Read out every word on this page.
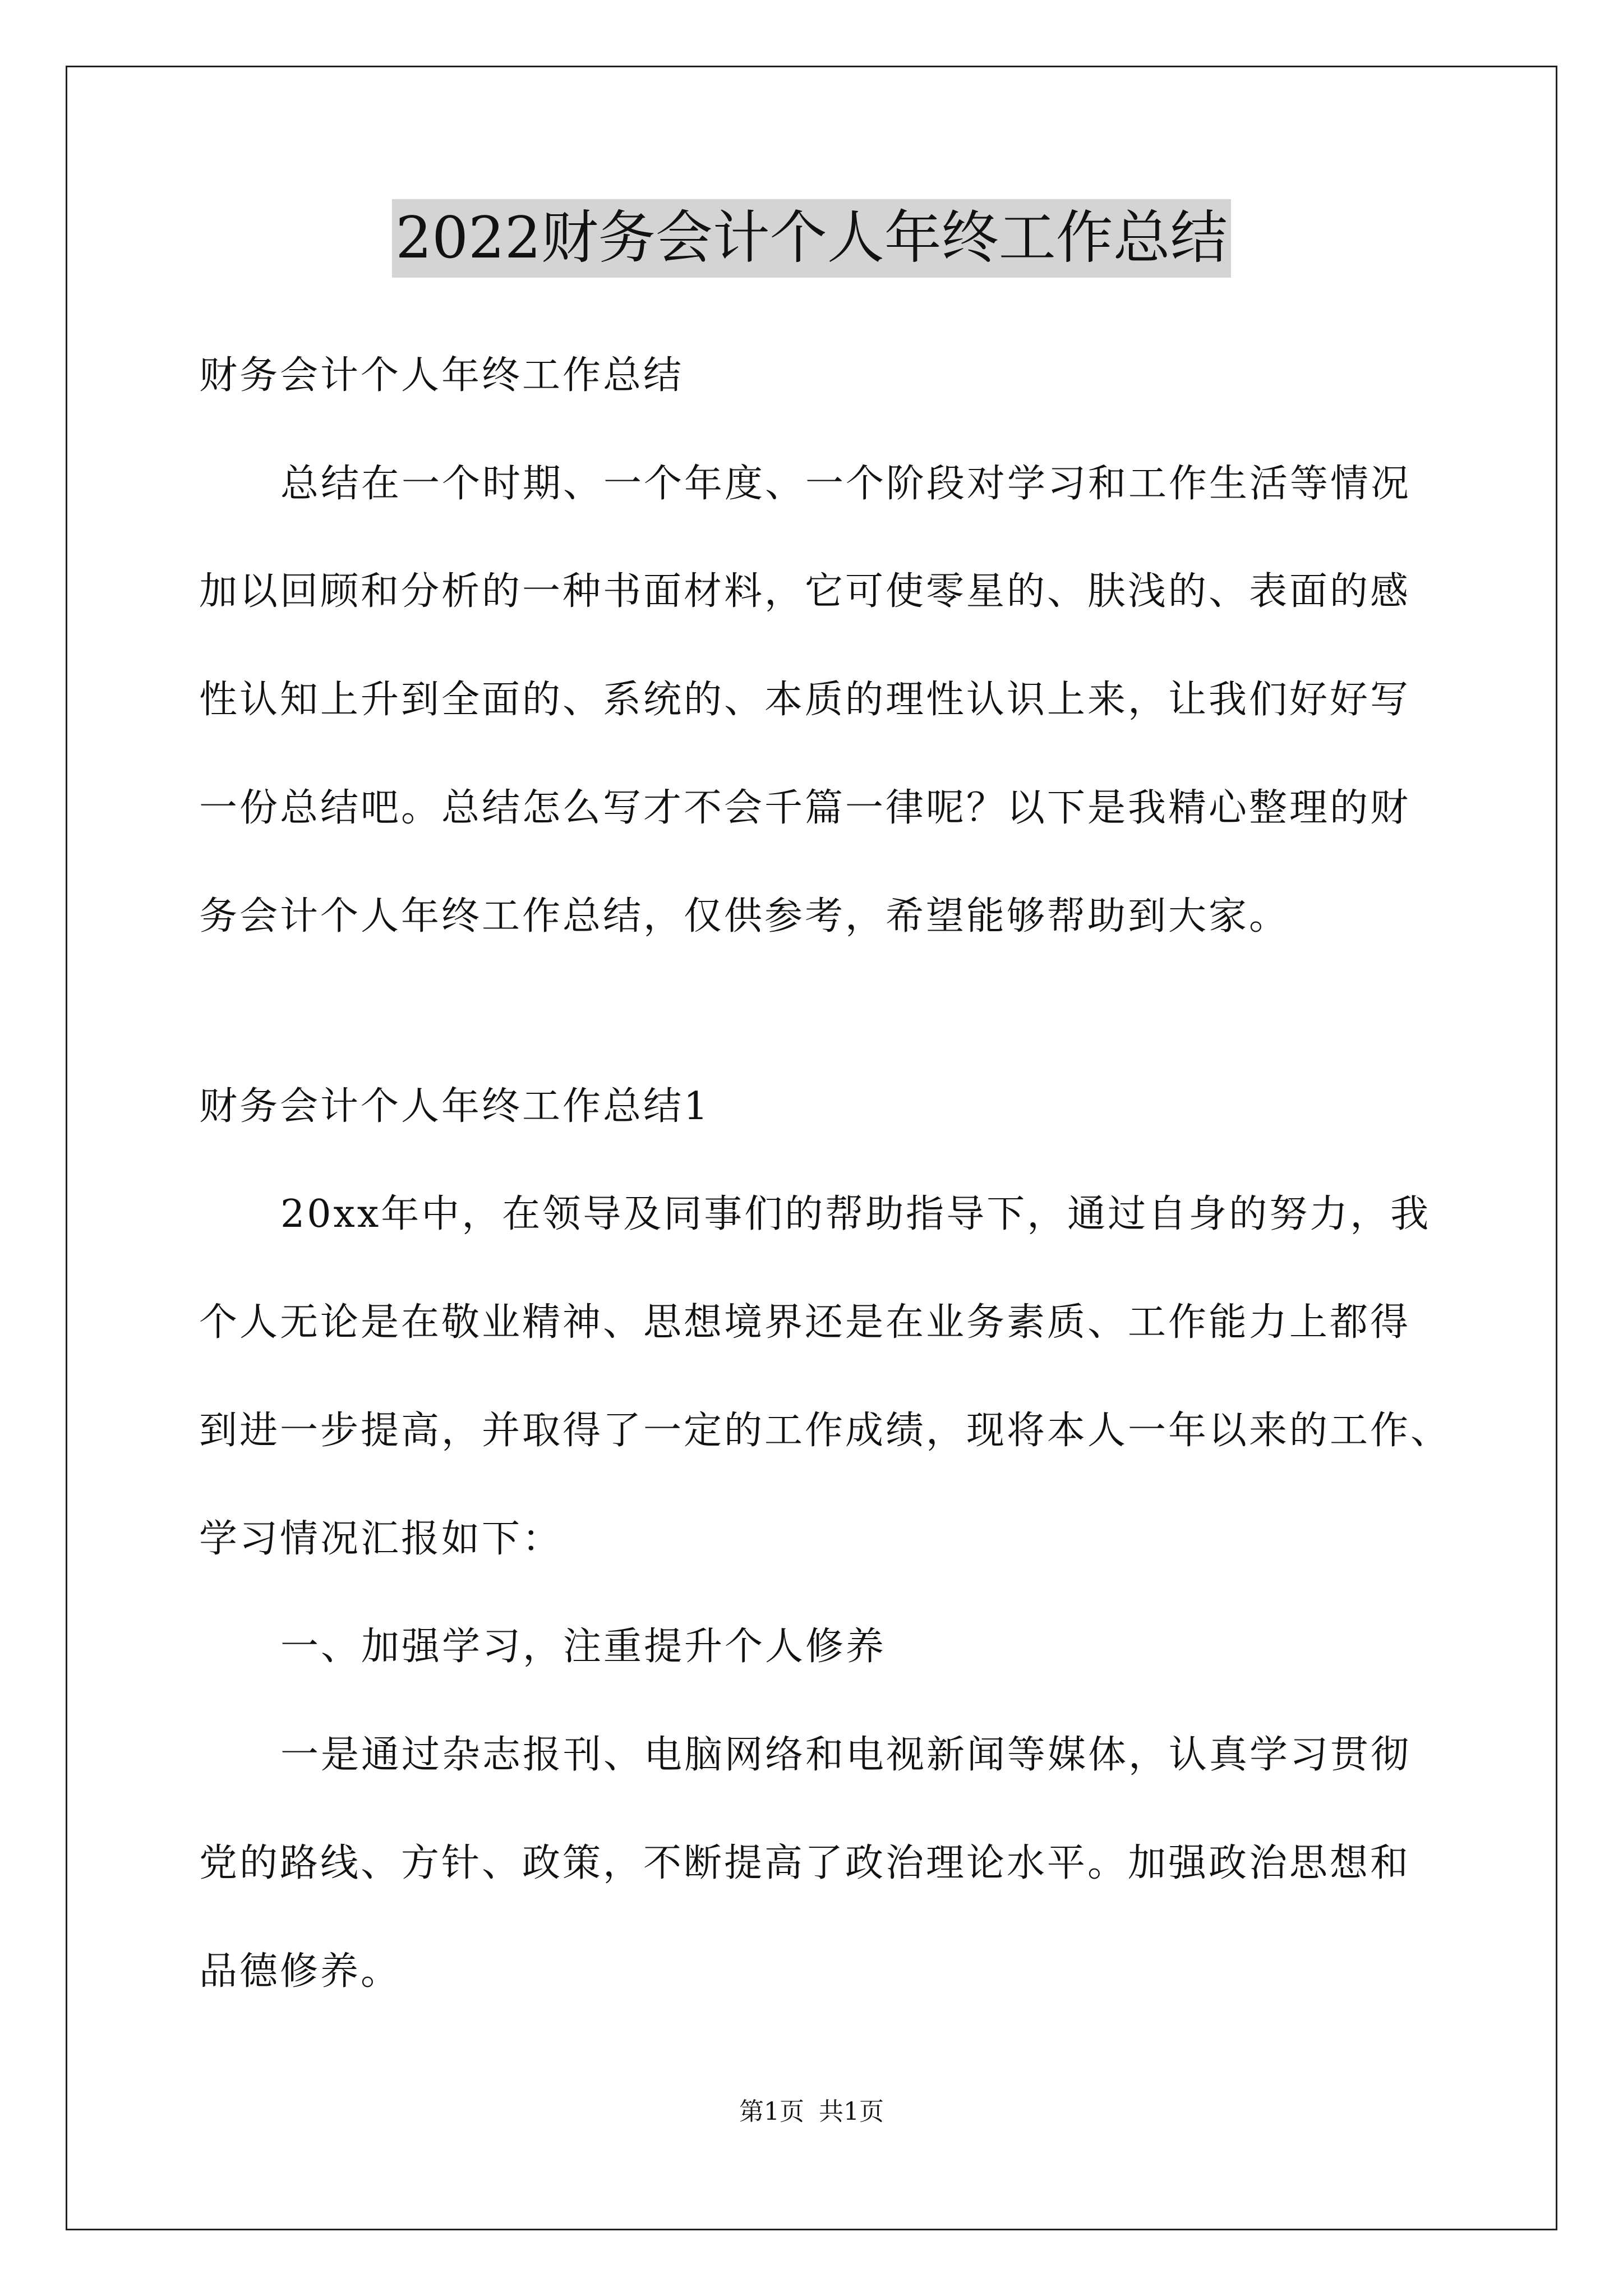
2022财务会计个人年终工作总结
财务会计个人年终工作总结
总结在一个时期、一个年度、一个阶段对学习和工作生活等情况
加以回顾和分析的一种书面材料，它可使零星的、肤浅的、表面的感
性认知上升到全面的、系统的、本质的理性认识上来，让我们好好写
一份总结吧。总结怎么写才不会千篇一律呢？以下是我精心整理的财
务会计个人年终工作总结，仅供参考，希望能够帮助到大家。
财务会计个人年终工作总结1
20xx年中，在领导及同事们的帮助指导下，通过自身的努力，我
个人无论是在敬业精神、思想境界还是在业务素质、工作能力上都得
到进一步提高，并取得了一定的工作成绩，现将本人一年以来的工作、
学习情况汇报如下：
一、加强学习，注重提升个人修养
一是通过杂志报刊、电脑网络和电视新闻等媒体，认真学习贯彻
党的路线、方针、政策，不断提高了政治理论水平。加强政治思想和
品德修养。
第1页 共1页
